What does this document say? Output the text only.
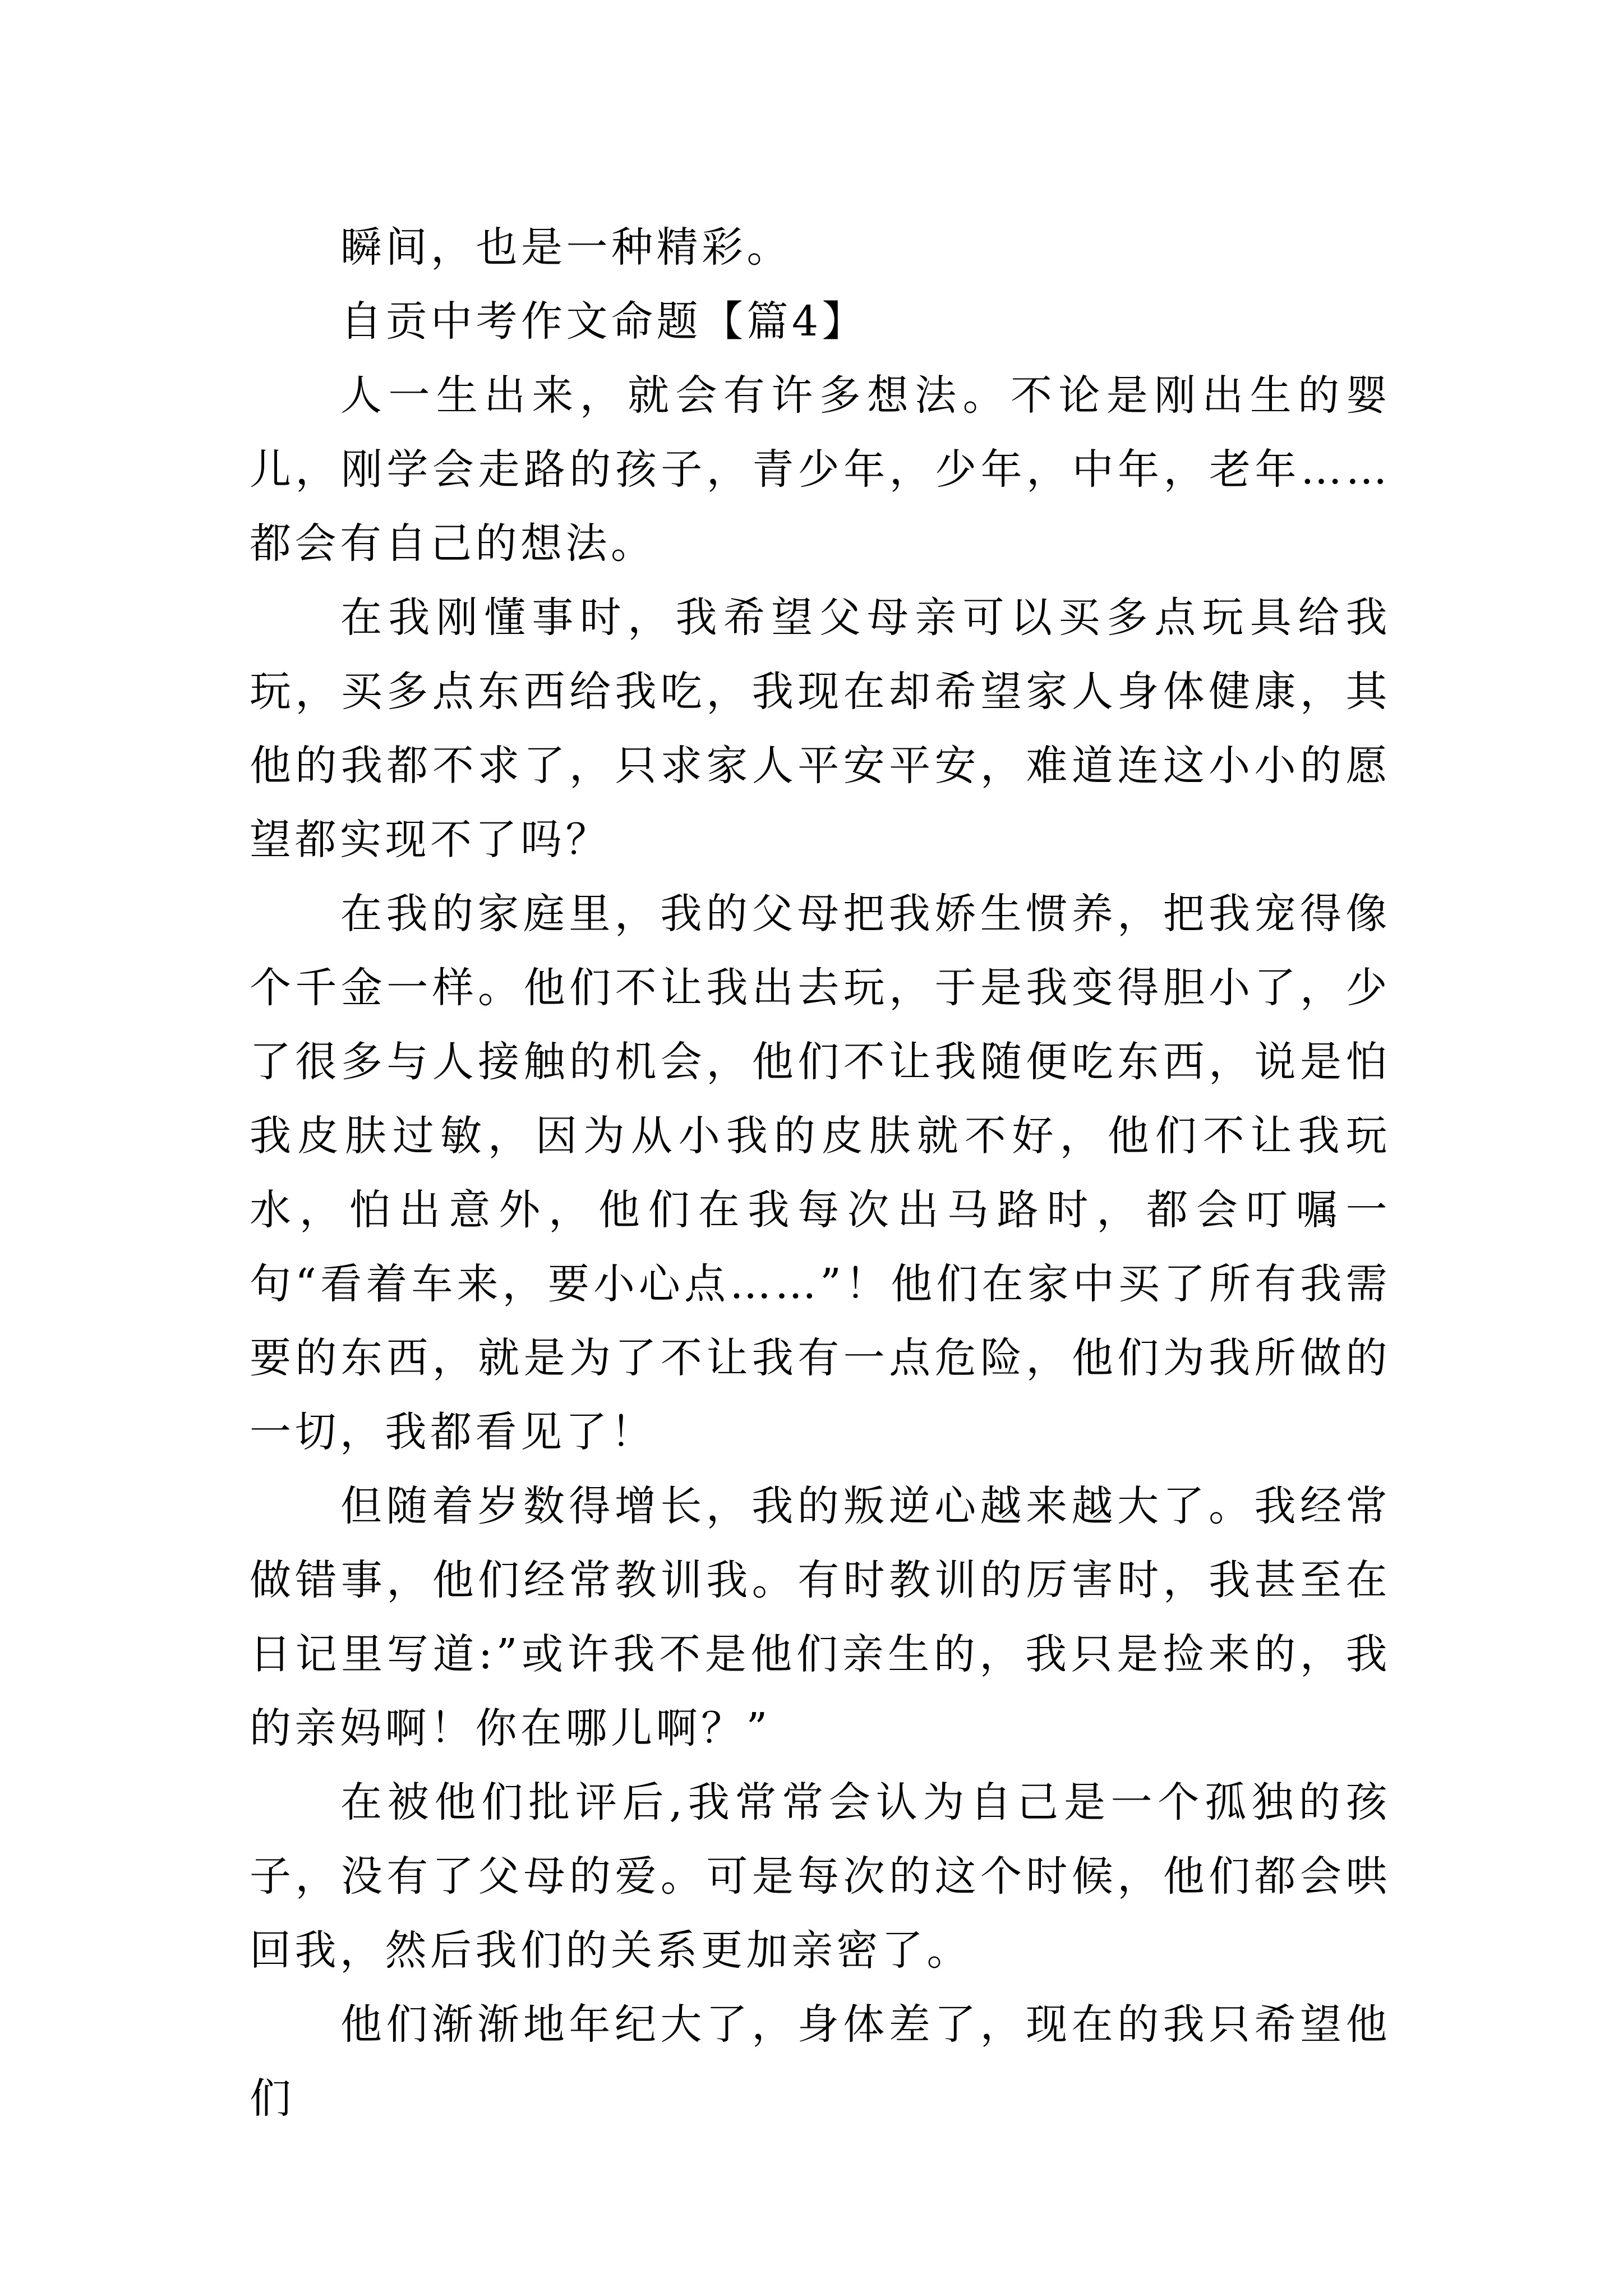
瞬间，也是一种精彩。

自贡中考作文命题【篇4】

人一生出来，就会有许多想法。不论是刚出生的婴儿，刚学会走路的孩子，青少年，少年，中年，老年……都会有自己的想法。

在我刚懂事时，我希望父母亲可以买多点玩具给我玩，买多点东西给我吃，我现在却希望家人身体健康，其他的我都不求了，只求家人平安平安，难道连这小小的愿望都实现不了吗？

在我的家庭里，我的父母把我娇生惯养，把我宠得像个千金一样。他们不让我出去玩，于是我变得胆小了，少了很多与人接触的机会，他们不让我随便吃东西，说是怕我皮肤过敏，因为从小我的皮肤就不好，他们不让我玩水，怕出意外，他们在我每次出马路时，都会叮嘱一句“看着车来，要小心点……”！他们在家中买了所有我需要的东西，就是为了不让我有一点危险，他们为我所做的一切，我都看见了！

但随着岁数得增长，我的叛逆心越来越大了。我经常做错事，他们经常教训我。有时教训的厉害时，我甚至在日记里写道:”或许我不是他们亲生的，我只是捡来的，我的亲妈啊！你在哪儿啊？”

在被他们批评后,我常常会认为自己是一个孤独的孩子，没有了父母的爱。可是每次的这个时候，他们都会哄回我，然后我们的关系更加亲密了。

他们渐渐地年纪大了，身体差了，现在的我只希望他们
